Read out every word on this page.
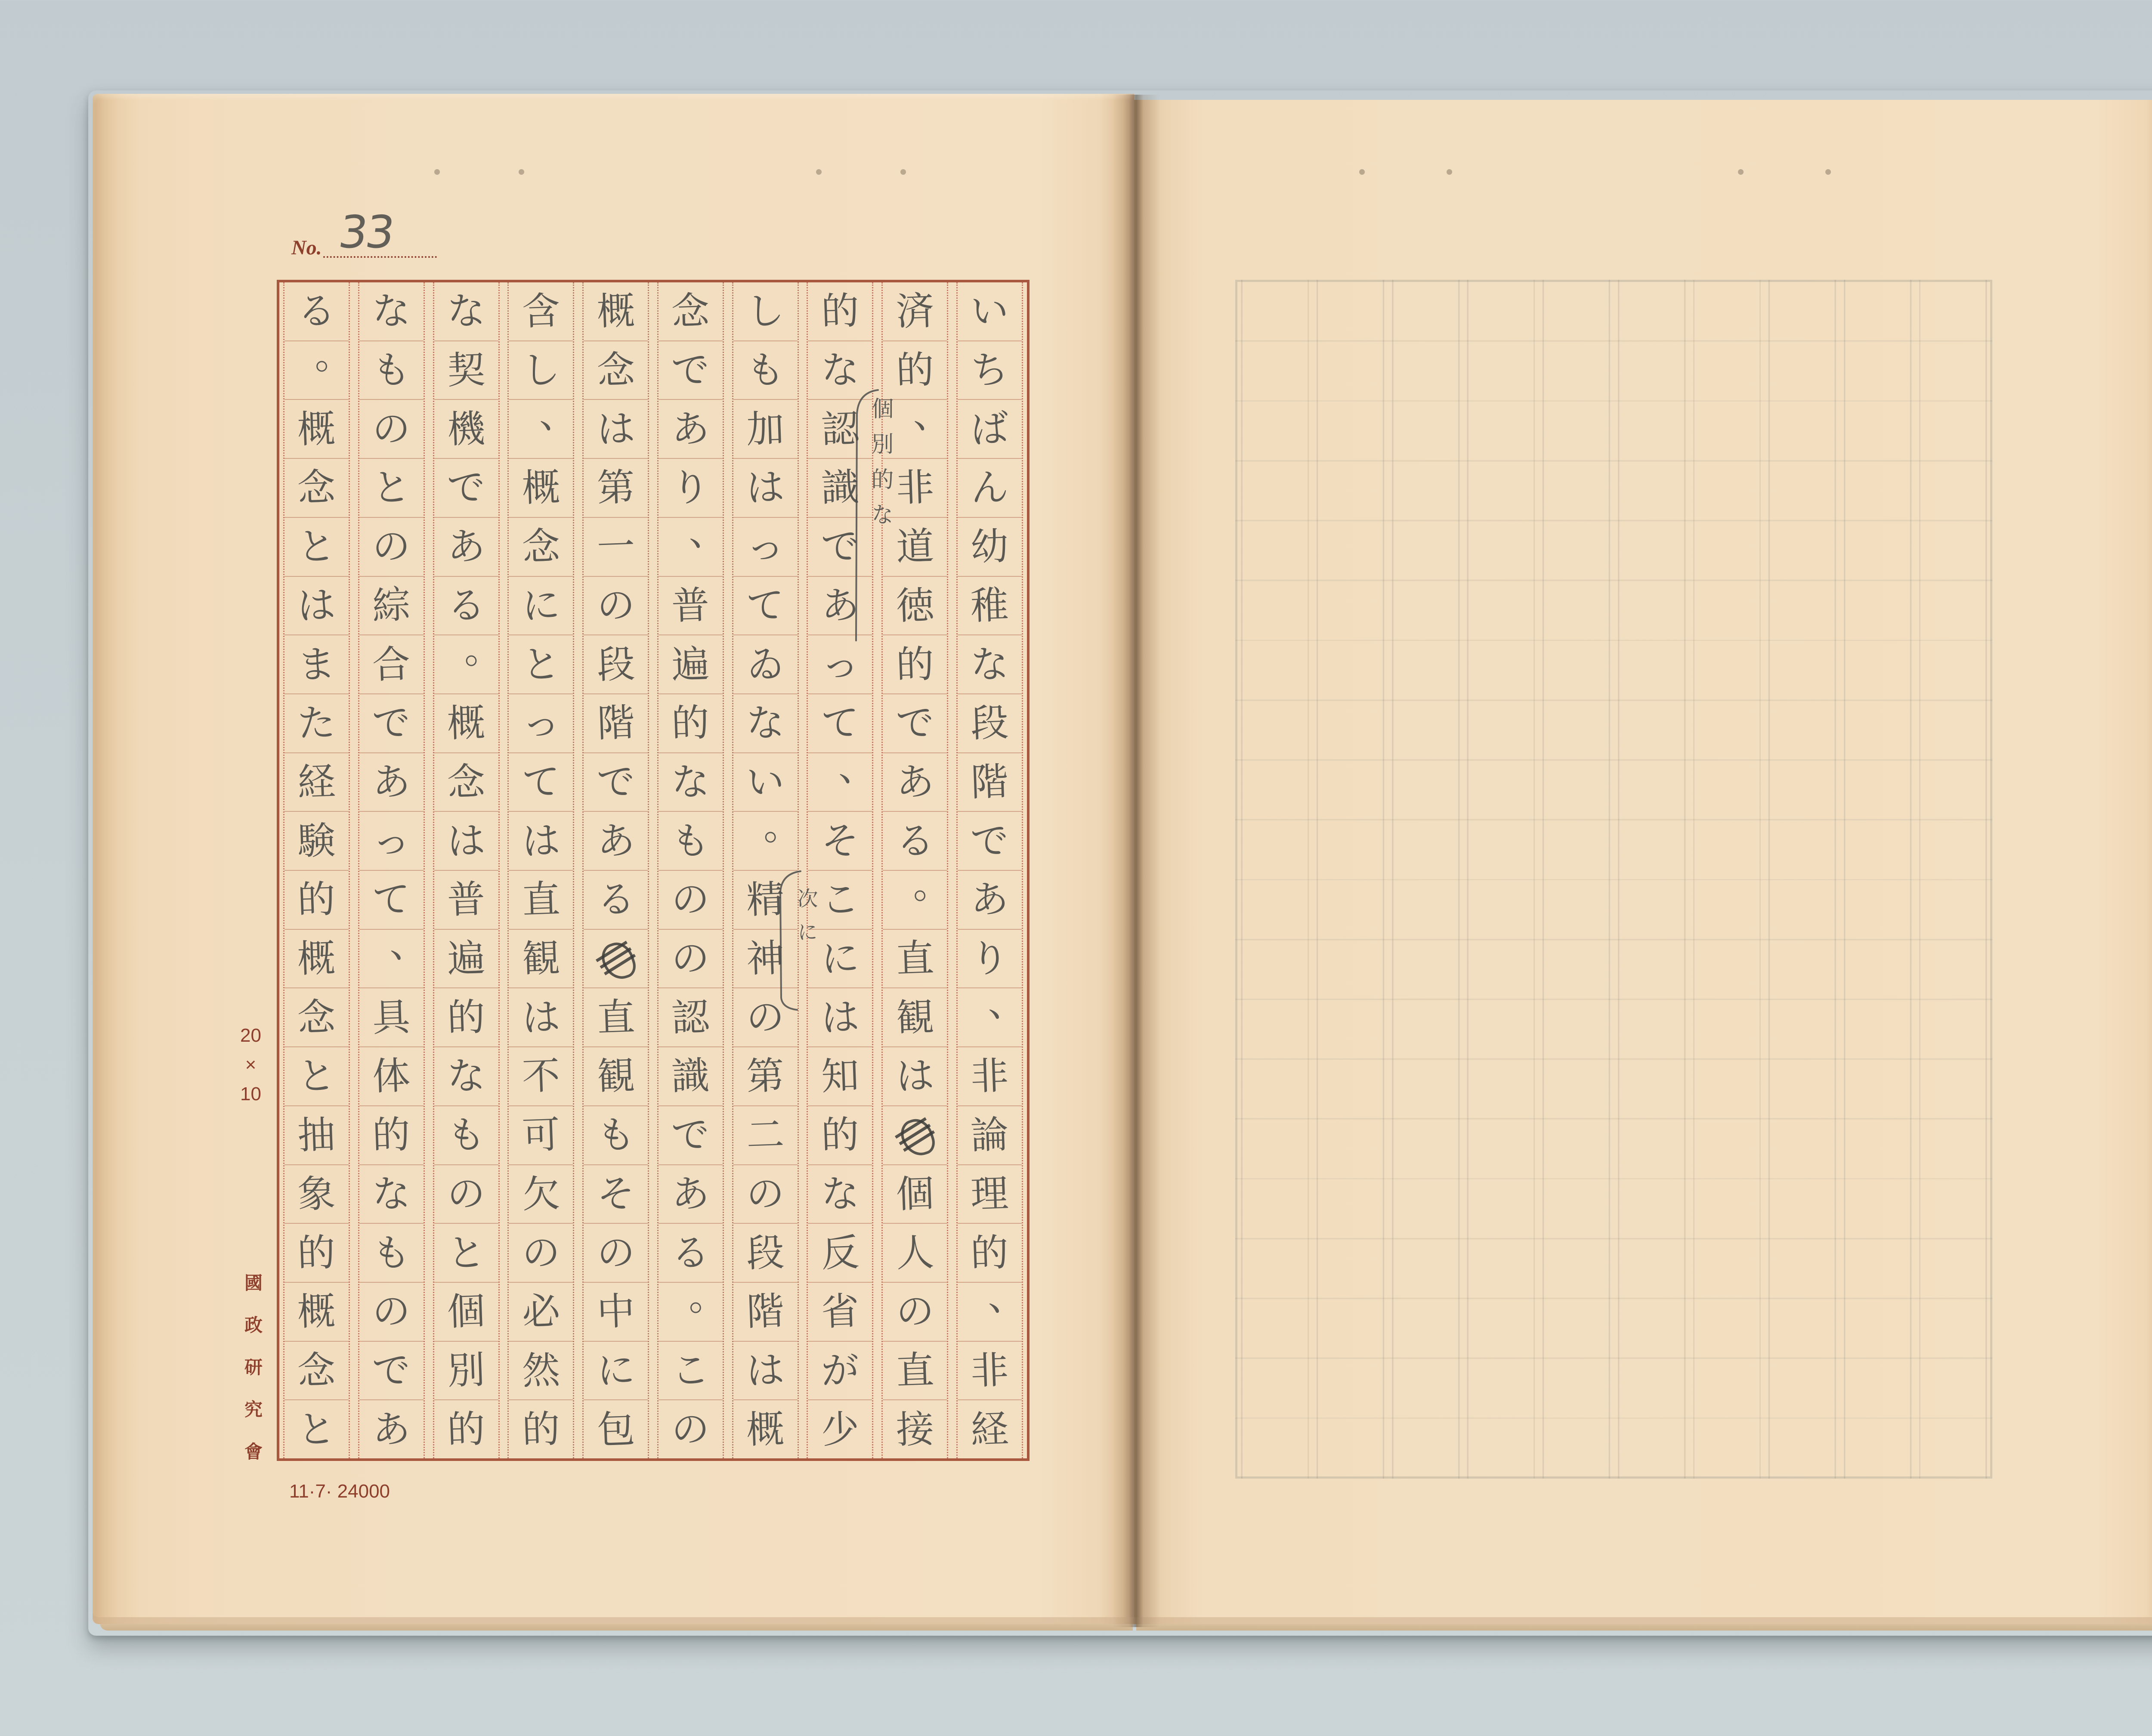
No. 33
い
ち
ば
ん
幼
稚
な
段
階
で
あ
り
、
非
論
理
的
、
非
経
済
的
、
非
道
徳
的
で
あ
る
。
直
観
は
個
人
の
直
接
的
な
認
識
で
あ
っ
て
、
そ
こ
に
は
知
的
な
反
省
が
少
し
も
加
は
っ
て
ゐ
な
い
。
精
神
の
第
二
の
段
階
は
概
念
で
あ
り
、
普
遍
的
な
も
の
の
認
識
で
あ
る
。
こ
の
概
念
は
第
一
の
段
階
で
あ
る
直
観
も
そ
の
中
に
包
含
し
、
概
念
に
と
っ
て
は
直
観
は
不
可
欠
の
必
然
的
な
契
機
で
あ
る
。
概
念
は
普
遍
的
な
も
の
と
個
別
的
な
も
の
と
の
綜
合
で
あ
っ
て
、
具
体
的
な
も
の
で
あ
る
。
概
念
と
は
ま
た
経
験
的
概
念
と
抽
象
的
概
念
と
個別的な
次に
20
×
10
國政研究會
11·7· 24000
